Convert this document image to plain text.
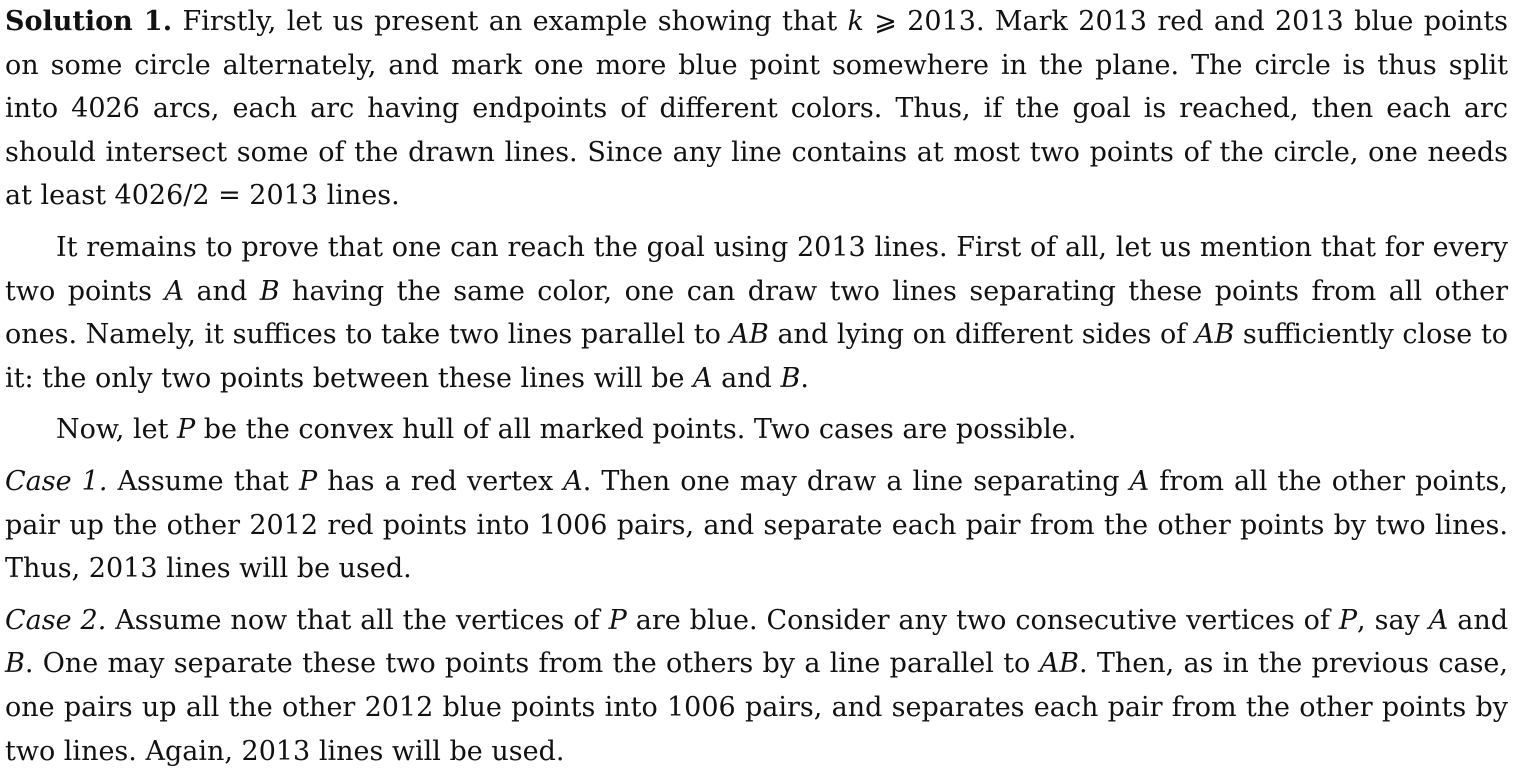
Solution 1. Firstly, let us present an example showing that k ⩾ 2013. Mark 2013 red and 2013 blue points on some circle alternately, and mark one more blue point somewhere in the plane. The circle is thus split into 4026 arcs, each arc having endpoints of different colors. Thus, if the goal is reached, then each arc should intersect some of the drawn lines. Since any line contains at most two points of the circle, one needs at least 4026/2 = 2013 lines.

It remains to prove that one can reach the goal using 2013 lines. First of all, let us mention that for every two points A and B having the same color, one can draw two lines separating these points from all other ones. Namely, it suffices to take two lines parallel to AB and lying on different sides of AB sufficiently close to it: the only two points between these lines will be A and B.

Now, let P be the convex hull of all marked points. Two cases are possible.

Case 1. Assume that P has a red vertex A. Then one may draw a line separating A from all the other points, pair up the other 2012 red points into 1006 pairs, and separate each pair from the other points by two lines. Thus, 2013 lines will be used.

Case 2. Assume now that all the vertices of P are blue. Consider any two consecutive vertices of P, say A and B. One may separate these two points from the others by a line parallel to AB. Then, as in the previous case, one pairs up all the other 2012 blue points into 1006 pairs, and separates each pair from the other points by two lines. Again, 2013 lines will be used.
